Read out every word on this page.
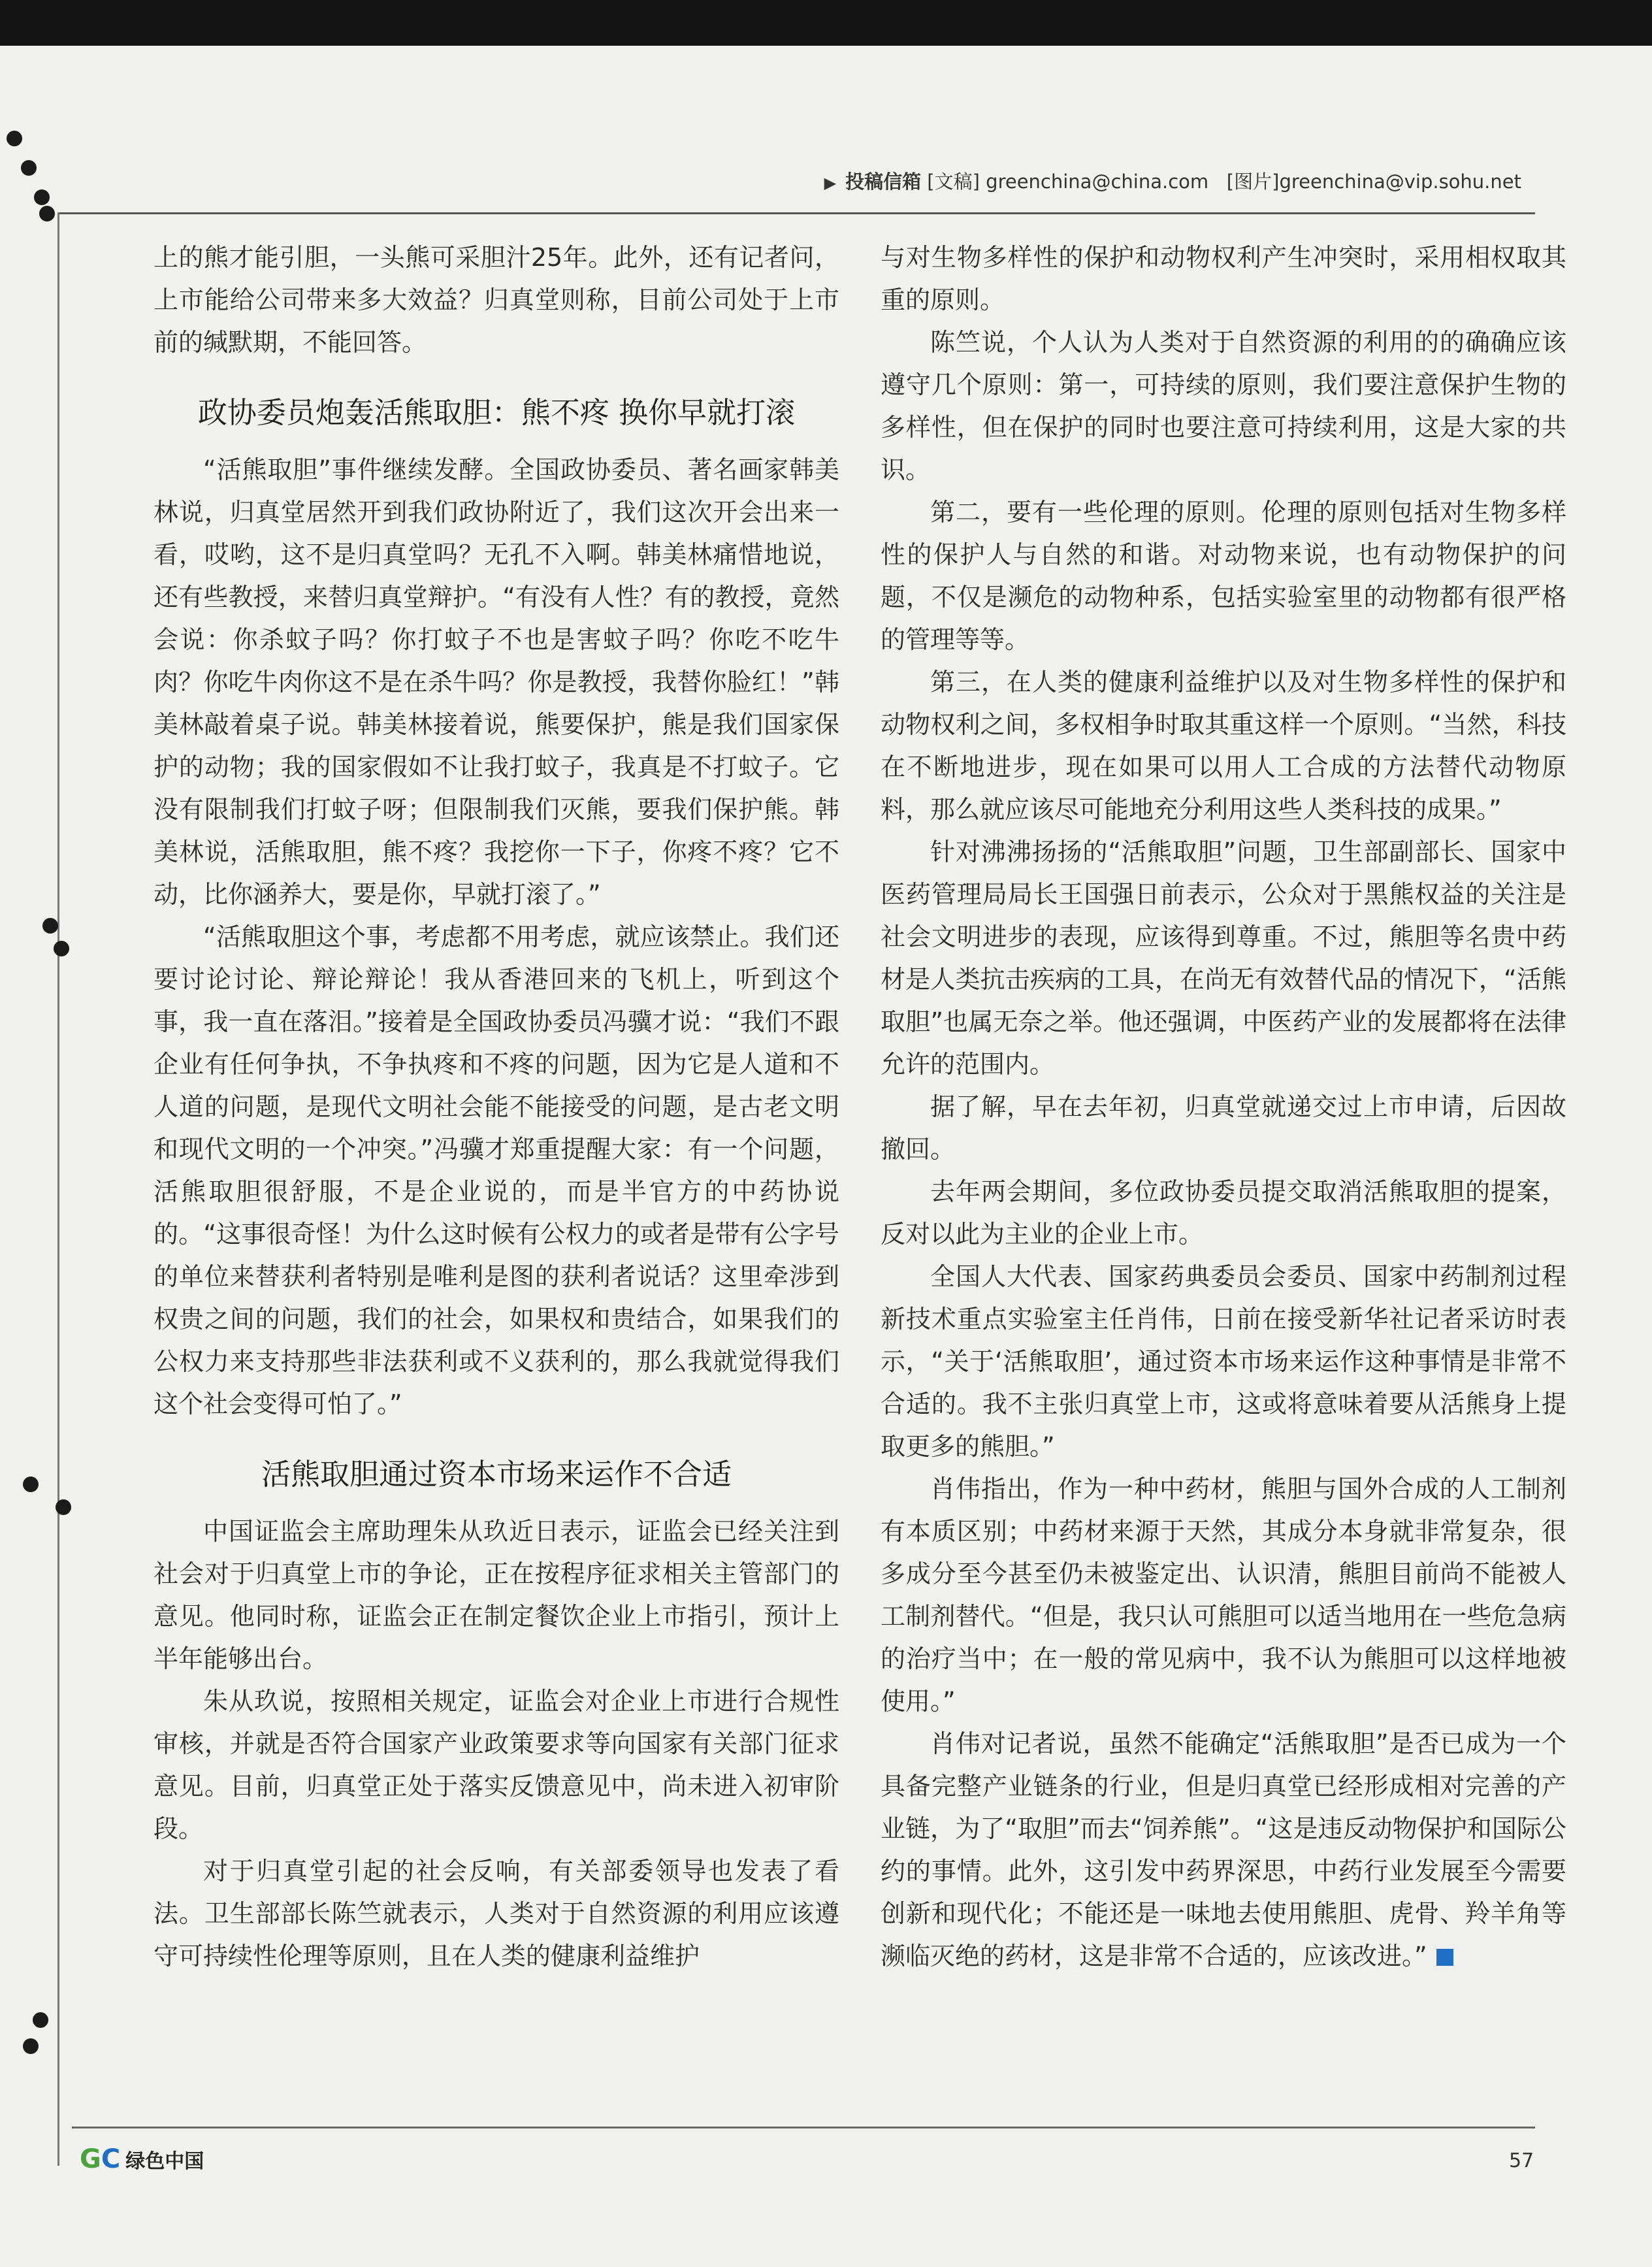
▶ 投稿信箱 [文稿] greenchina@china.com [图片]greenchina@vip.sohu.net

上的熊才能引胆，一头熊可采胆汁25年。此外，还有记者问，上市能给公司带来多大效益？归真堂则称，目前公司处于上市前的缄默期，不能回答。

政协委员炮轰活熊取胆：熊不疼 换你早就打滚

“活熊取胆”事件继续发酵。全国政协委员、著名画家韩美林说，归真堂居然开到我们政协附近了，我们这次开会出来一看，哎哟，这不是归真堂吗？无孔不入啊。韩美林痛惜地说，还有些教授，来替归真堂辩护。“有没有人性？有的教授，竟然会说：你杀蚊子吗？你打蚊子不也是害蚊子吗？你吃不吃牛肉？你吃牛肉你这不是在杀牛吗？你是教授，我替你脸红！”韩美林敲着桌子说。韩美林接着说，熊要保护，熊是我们国家保护的动物；我的国家假如不让我打蚊子，我真是不打蚊子。它没有限制我们打蚊子呀；但限制我们灭熊，要我们保护熊。韩美林说，活熊取胆，熊不疼？我挖你一下子，你疼不疼？它不动，比你涵养大，要是你，早就打滚了。”

“活熊取胆这个事，考虑都不用考虑，就应该禁止。我们还要讨论讨论、辩论辩论！我从香港回来的飞机上，听到这个事，我一直在落泪。”接着是全国政协委员冯骥才说：“我们不跟企业有任何争执，不争执疼和不疼的问题，因为它是人道和不人道的问题，是现代文明社会能不能接受的问题，是古老文明和现代文明的一个冲突。”冯骥才郑重提醒大家：有一个问题，活熊取胆很舒服，不是企业说的，而是半官方的中药协说的。“这事很奇怪！为什么这时候有公权力的或者是带有公字号的单位来替获利者特别是唯利是图的获利者说话？这里牵涉到权贵之间的问题，我们的社会，如果权和贵结合，如果我们的公权力来支持那些非法获利或不义获利的，那么我就觉得我们这个社会变得可怕了。”

活熊取胆通过资本市场来运作不合适

中国证监会主席助理朱从玖近日表示，证监会已经关注到社会对于归真堂上市的争论，正在按程序征求相关主管部门的意见。他同时称，证监会正在制定餐饮企业上市指引，预计上半年能够出台。

朱从玖说，按照相关规定，证监会对企业上市进行合规性审核，并就是否符合国家产业政策要求等向国家有关部门征求意见。目前，归真堂正处于落实反馈意见中，尚未进入初审阶段。

对于归真堂引起的社会反响，有关部委领导也发表了看法。卫生部部长陈竺就表示，人类对于自然资源的利用应该遵守可持续性伦理等原则，且在人类的健康利益维护

与对生物多样性的保护和动物权利产生冲突时，采用相权取其重的原则。

陈竺说，个人认为人类对于自然资源的利用的的确确应该遵守几个原则：第一，可持续的原则，我们要注意保护生物的多样性，但在保护的同时也要注意可持续利用，这是大家的共识。

第二，要有一些伦理的原则。伦理的原则包括对生物多样性的保护人与自然的和谐。对动物来说，也有动物保护的问题，不仅是濒危的动物种系，包括实验室里的动物都有很严格的管理等等。

第三，在人类的健康利益维护以及对生物多样性的保护和动物权利之间，多权相争时取其重这样一个原则。“当然，科技在不断地进步，现在如果可以用人工合成的方法替代动物原料，那么就应该尽可能地充分利用这些人类科技的成果。”

针对沸沸扬扬的“活熊取胆”问题，卫生部副部长、国家中医药管理局局长王国强日前表示，公众对于黑熊权益的关注是社会文明进步的表现，应该得到尊重。不过，熊胆等名贵中药材是人类抗击疾病的工具，在尚无有效替代品的情况下，“活熊取胆”也属无奈之举。他还强调，中医药产业的发展都将在法律允许的范围内。

据了解，早在去年初，归真堂就递交过上市申请，后因故撤回。

去年两会期间，多位政协委员提交取消活熊取胆的提案，反对以此为主业的企业上市。

全国人大代表、国家药典委员会委员、国家中药制剂过程新技术重点实验室主任肖伟，日前在接受新华社记者采访时表示，“关于‘活熊取胆’，通过资本市场来运作这种事情是非常不合适的。我不主张归真堂上市，这或将意味着要从活熊身上提取更多的熊胆。”

肖伟指出，作为一种中药材，熊胆与国外合成的人工制剂有本质区别；中药材来源于天然，其成分本身就非常复杂，很多成分至今甚至仍未被鉴定出、认识清，熊胆目前尚不能被人工制剂替代。“但是，我只认可熊胆可以适当地用在一些危急病的治疗当中；在一般的常见病中，我不认为熊胆可以这样地被使用。”

肖伟对记者说，虽然不能确定“活熊取胆”是否已成为一个具备完整产业链条的行业，但是归真堂已经形成相对完善的产业链，为了“取胆”而去“饲养熊”。“这是违反动物保护和国际公约的事情。此外，这引发中药界深思，中药行业发展至今需要创新和现代化；不能还是一味地去使用熊胆、虎骨、羚羊角等濒临灭绝的药材，这是非常不合适的，应该改进。”

G C 绿色中国	57
